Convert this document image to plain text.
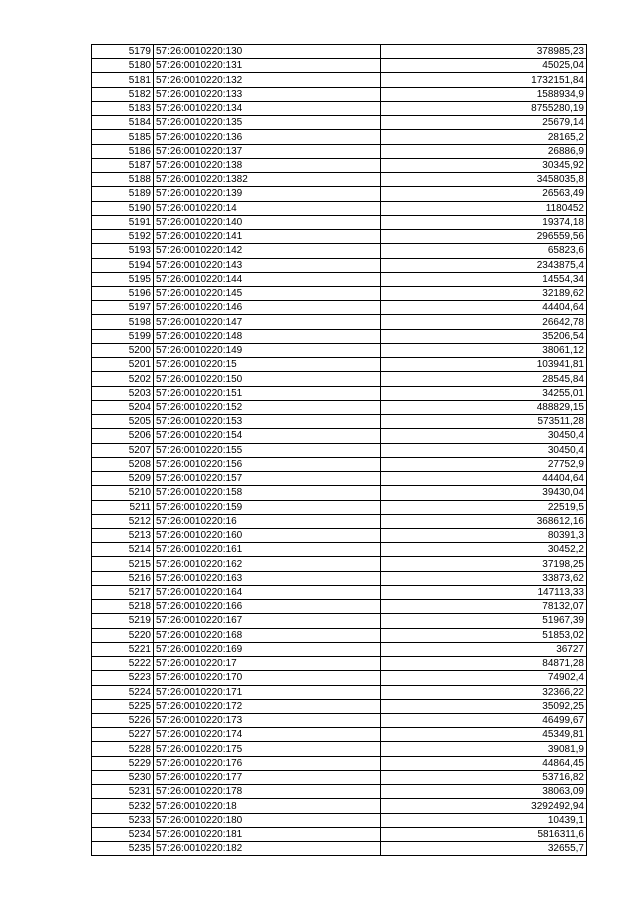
5179	57:26:0010220:130	378985,23
5180	57:26:0010220:131	45025,04
5181	57:26:0010220:132	1732151,84
5182	57:26:0010220:133	1588934,9
5183	57:26:0010220:134	8755280,19
5184	57:26:0010220:135	25679,14
5185	57:26:0010220:136	28165,2
5186	57:26:0010220:137	26886,9
5187	57:26:0010220:138	30345,92
5188	57:26:0010220:1382	3458035,8
5189	57:26:0010220:139	26563,49
5190	57:26:0010220:14	1180452
5191	57:26:0010220:140	19374,18
5192	57:26:0010220:141	296559,56
5193	57:26:0010220:142	65823,6
5194	57:26:0010220:143	2343875,4
5195	57:26:0010220:144	14554,34
5196	57:26:0010220:145	32189,62
5197	57:26:0010220:146	44404,64
5198	57:26:0010220:147	26642,78
5199	57:26:0010220:148	35206,54
5200	57:26:0010220:149	38061,12
5201	57:26:0010220:15	103941,81
5202	57:26:0010220:150	28545,84
5203	57:26:0010220:151	34255,01
5204	57:26:0010220:152	488829,15
5205	57:26:0010220:153	573511,28
5206	57:26:0010220:154	30450,4
5207	57:26:0010220:155	30450,4
5208	57:26:0010220:156	27752,9
5209	57:26:0010220:157	44404,64
5210	57:26:0010220:158	39430,04
5211	57:26:0010220:159	22519,5
5212	57:26:0010220:16	368612,16
5213	57:26:0010220:160	80391,3
5214	57:26:0010220:161	30452,2
5215	57:26:0010220:162	37198,25
5216	57:26:0010220:163	33873,62
5217	57:26:0010220:164	147113,33
5218	57:26:0010220:166	78132,07
5219	57:26:0010220:167	51967,39
5220	57:26:0010220:168	51853,02
5221	57:26:0010220:169	36727
5222	57:26:0010220:17	84871,28
5223	57:26:0010220:170	74902,4
5224	57:26:0010220:171	32366,22
5225	57:26:0010220:172	35092,25
5226	57:26:0010220:173	46499,67
5227	57:26:0010220:174	45349,81
5228	57:26:0010220:175	39081,9
5229	57:26:0010220:176	44864,45
5230	57:26:0010220:177	53716,82
5231	57:26:0010220:178	38063,09
5232	57:26:0010220:18	3292492,94
5233	57:26:0010220:180	10439,1
5234	57:26:0010220:181	5816311,6
5235	57:26:0010220:182	32655,7
